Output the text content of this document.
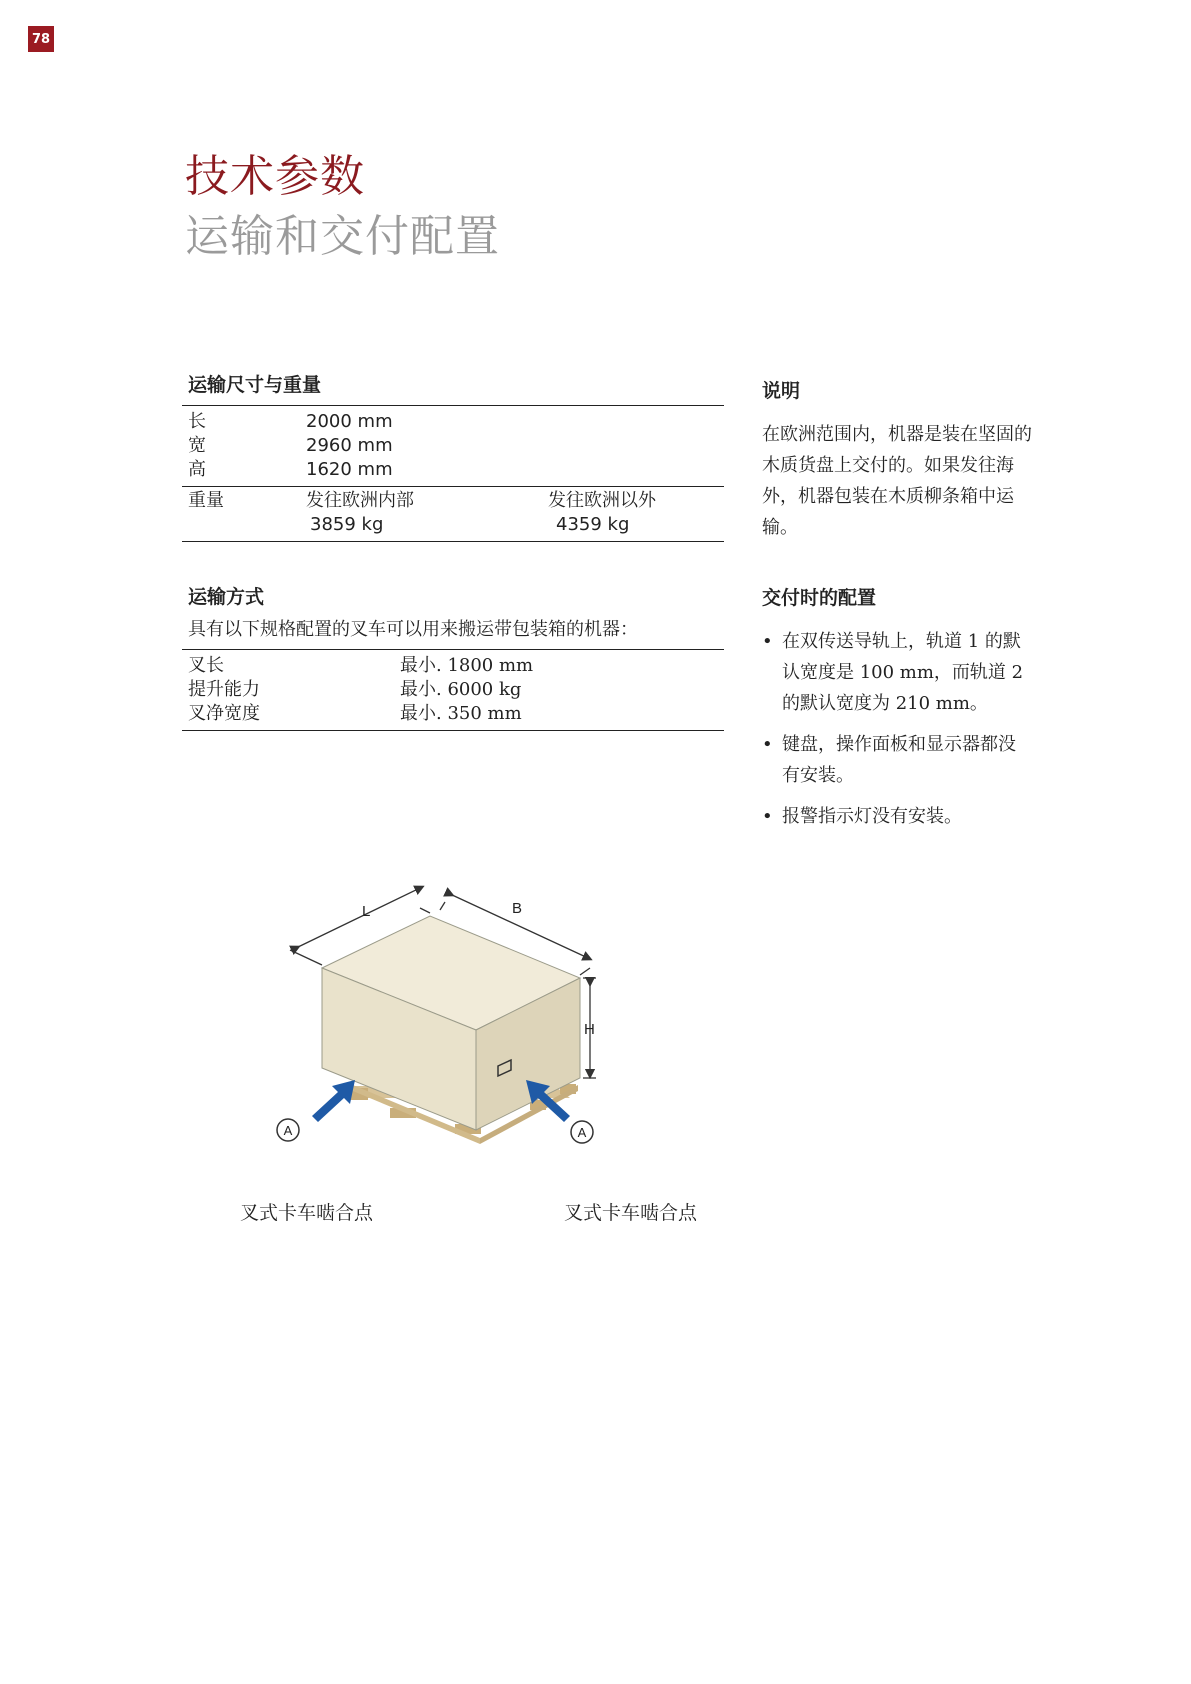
78
技术参数
运输和交付配置
运输尺寸与重量
长	2000 mm
宽	2960 mm
高	1620 mm
重量	发往欧洲内部	发往欧洲以外
3859 kg	4359 kg
运输方式
具有以下规格配置的叉车可以用来搬运带包装箱的机器：
叉长	最小. 1800 mm
提升能力	最小. 6000 kg
叉净宽度	最小. 350 mm
说明

在欧洲范围内，机器是装在坚固的木质货盘上交付的。如果发往海外，机器包装在木质柳条箱中运输。

交付时的配置
• 在双传送导轨上，轨道 1 的默认宽度是 100 mm，而轨道 2 的默认宽度为 210 mm。
• 键盘，操作面板和显示器都没有安装。
• 报警指示灯没有安装。
L	B
H
A	A
叉式卡车啮合点	叉式卡车啮合点
